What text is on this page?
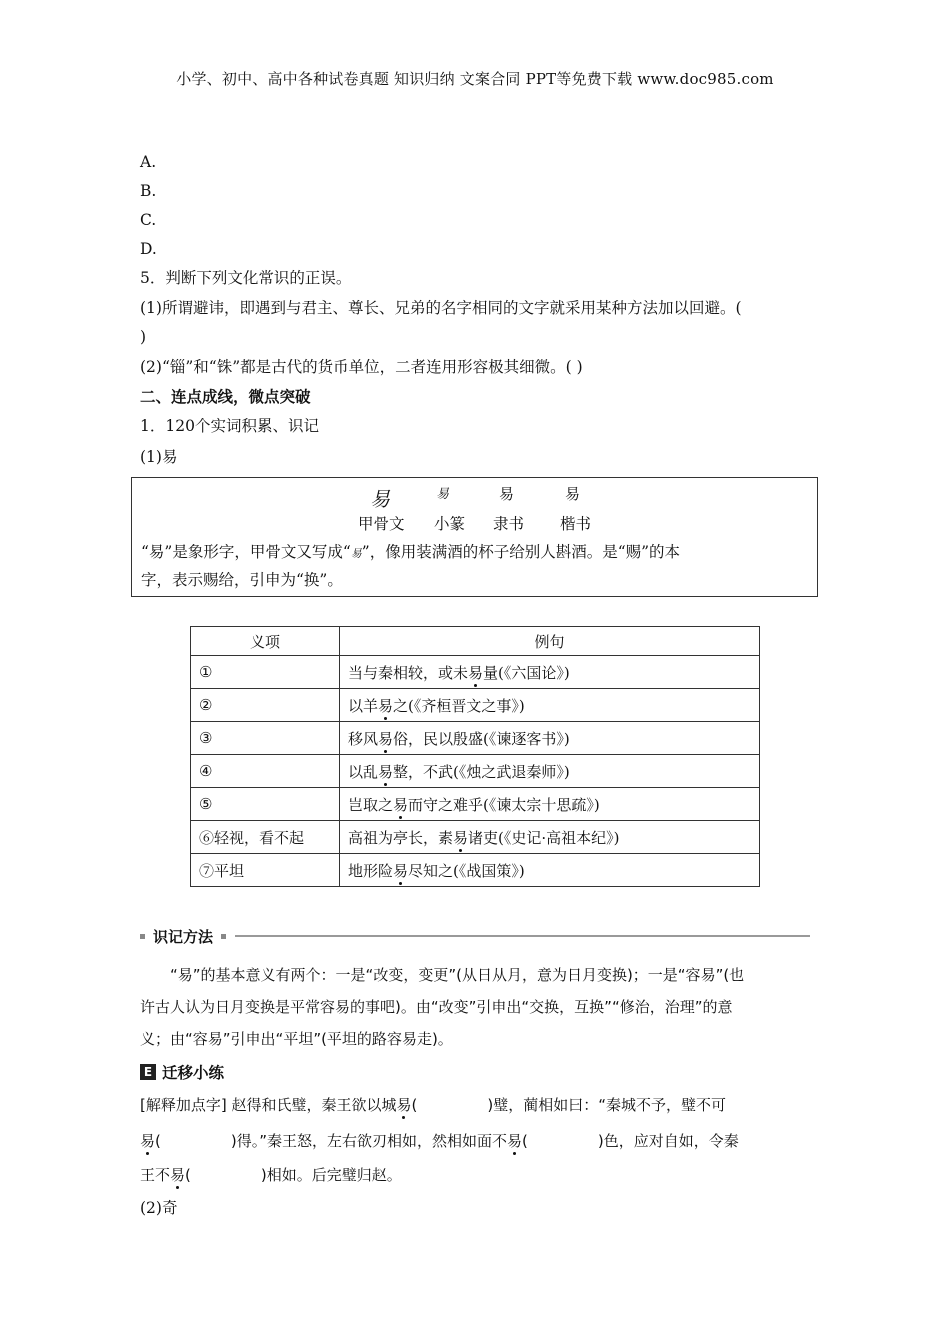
小学、初中、高中各种试卷真题 知识归纳 文案合同 PPT等免费下载 www.doc985.com
A.
B.
C.
D.
5．判断下列文化常识的正误。
(1)所谓避讳，即遇到与君主、尊长、兄弟的名字相同的文字就采用某种方法加以回避。(
)
(2)“锱”和“铢”都是古代的货币单位，二者连用形容极其细微。( )
二、连点成线，微点突破
1．120个实词积累、识记
(1)易
易	易	易	易
甲骨文 小篆 隶书 楷书
“易”是象形字，甲骨文又写成“易”，像用装满酒的杯子给别人斟酒。是“赐”的本
字，表示赐给，引申为“换”。
义项	例句
①	当与秦相较，或未易量(《六国论》)
②	以羊易之(《齐桓晋文之事》)
③	移风易俗，民以殷盛(《谏逐客书》)
④	以乱易整，不武(《烛之武退秦师》)
⑤	岂取之易而守之难乎(《谏太宗十思疏》)
⑥轻视，看不起	高祖为亭长，素易诸吏(《史记·高祖本纪》)
⑦平坦	地形险易尽知之(《战国策》)
识记方法
“易”的基本意义有两个：一是“改变，变更”(从日从月，意为日月变换)；一是“容易”(也
许古人认为日月变换是平常容易的事吧)。由“改变”引申出“交换，互换”“修治，治理”的意
义；由“容易”引申出“平坦”(平坦的路容易走)。
E 迁移小练
[解释加点字] 赵得和氏璧，秦王欲以城易(	)璧，蔺相如曰：“秦城不予，璧不可
易(	)得。”秦王怒，左右欲刃相如，然相如面不易(	)色，应对自如，令秦
王不易(	)相如。后完璧归赵。
(2)奇
